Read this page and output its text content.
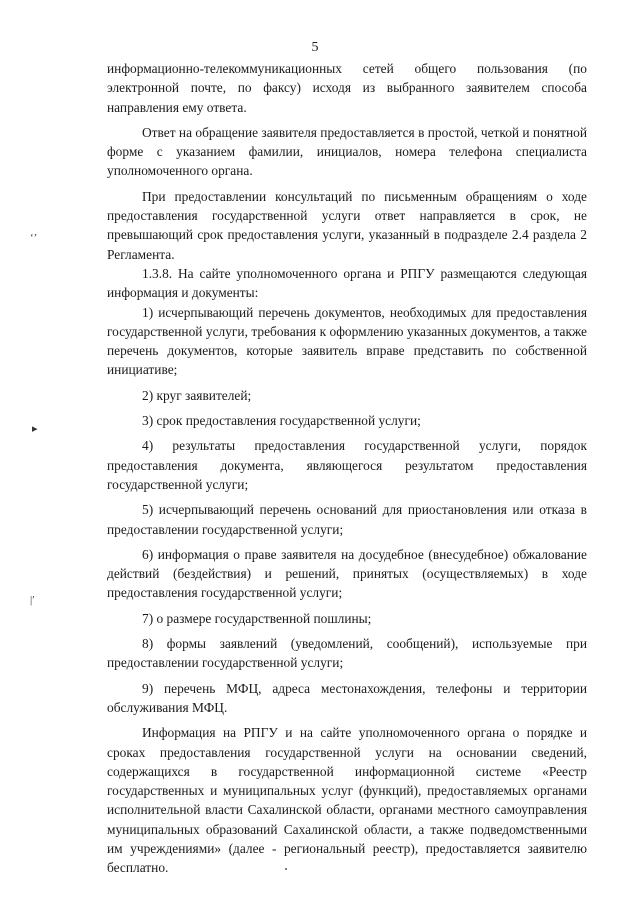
5

информационно-телекоммуникационных сетей общего пользования (по электронной почте, по факсу) исходя из выбранного заявителем способа направления ему ответа.

Ответ на обращение заявителя предоставляется в простой, четкой и понятной форме с указанием фамилии, инициалов, номера телефона специалиста уполномоченного органа.

При предоставлении консультаций по письменным обращениям о ходе предоставления государственной услуги ответ направляется в срок, не превышающий срок предоставления услуги, указанный в подразделе 2.4 раздела 2 Регламента.

1.3.8. На сайте уполномоченного органа и РПГУ размещаются следующая информация и документы:

1) исчерпывающий перечень документов, необходимых для предоставления государственной услуги, требования к оформлению указанных документов, а также перечень документов, которые заявитель вправе представить по собственной инициативе;

2) круг заявителей;

3) срок предоставления государственной услуги;

4) результаты предоставления государственной услуги, порядок предоставления документа, являющегося результатом предоставления государственной услуги;

5) исчерпывающий перечень оснований для приостановления или отказа в предоставлении государственной услуги;

6) информация о праве заявителя на досудебное (внесудебное) обжалование действий (бездействия) и решений, принятых (осуществляемых) в ходе предоставления государственной услуги;

7) о размере государственной пошлины;

8) формы заявлений (уведомлений, сообщений), используемые при предоставлении государственной услуги;

9) перечень МФЦ, адреса местонахождения, телефоны и территории обслуживания МФЦ.

Информация на РПГУ и на сайте уполномоченного органа о порядке и сроках предоставления государственной услуги на основании сведений, содержащихся в государственной информационной системе «Реестр государственных и муниципальных услуг (функций), предоставляемых органами исполнительной власти Сахалинской области, органами местного самоуправления муниципальных образований Сахалинской области, а также подведомственными им учреждениями» (далее - региональный реестр), предоставляется заявителю бесплатно.

‘’
▸
‬|′
